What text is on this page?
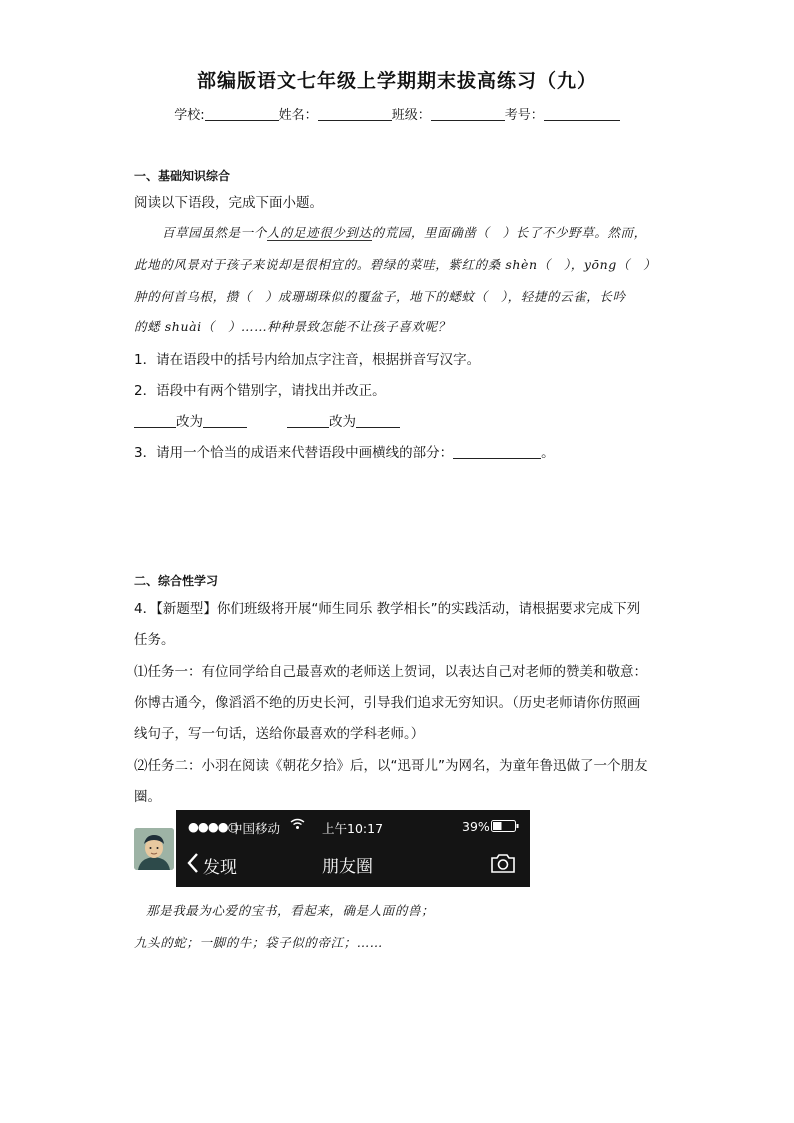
部编版语文七年级上学期期末拔高练习（九）
学校:	姓名：	班级：	考号：
一、基础知识综合
阅读以下语段，完成下面小题。
百草园虽然是一个人的足迹很少到达的荒园，里面确凿（　）长了不少野草。然而，
此地的风景对于孩子来说却是很相宜的。碧绿的菜哇，紫红的桑 shèn（　），yōng（　）
肿的何首乌根，攒（　）成珊瑚珠似的覆盆子，地下的蟋蚊（　），轻捷的云雀，长吟
的蟋 shuài（　）……种种景致怎能不让孩子喜欢呢？
1．请在语段中的括号内给加点字注音，根据拼音写汉字。
2．语段中有两个错别字，请找出并改正。
改为	改为
3．请用一个恰当的成语来代替语段中画横线的部分：	。
二、综合性学习
4．【新题型】你们班级将开展“师生同乐 教学相长”的实践活动，请根据要求完成下列
任务。
⑴任务一：有位同学给自己最喜欢的老师送上贺词，以表达自己对老师的赞美和敬意：
你博古通今，像滔滔不绝的历史长河，引导我们追求无穷知识。（历史老师请你仿照画
线句子，写一句话，送给你最喜欢的学科老师。）
⑵任务二：小羽在阅读《朝花夕拾》后，以“迅哥儿”为网名，为童年鲁迅做了一个朋友
圈。
●●●●○
中国移动	上午10:17	39%
发现	朋友圈
那是我最为心爱的宝书，看起来，确是人面的兽；
九头的蛇；一脚的牛；袋子似的帝江；……
